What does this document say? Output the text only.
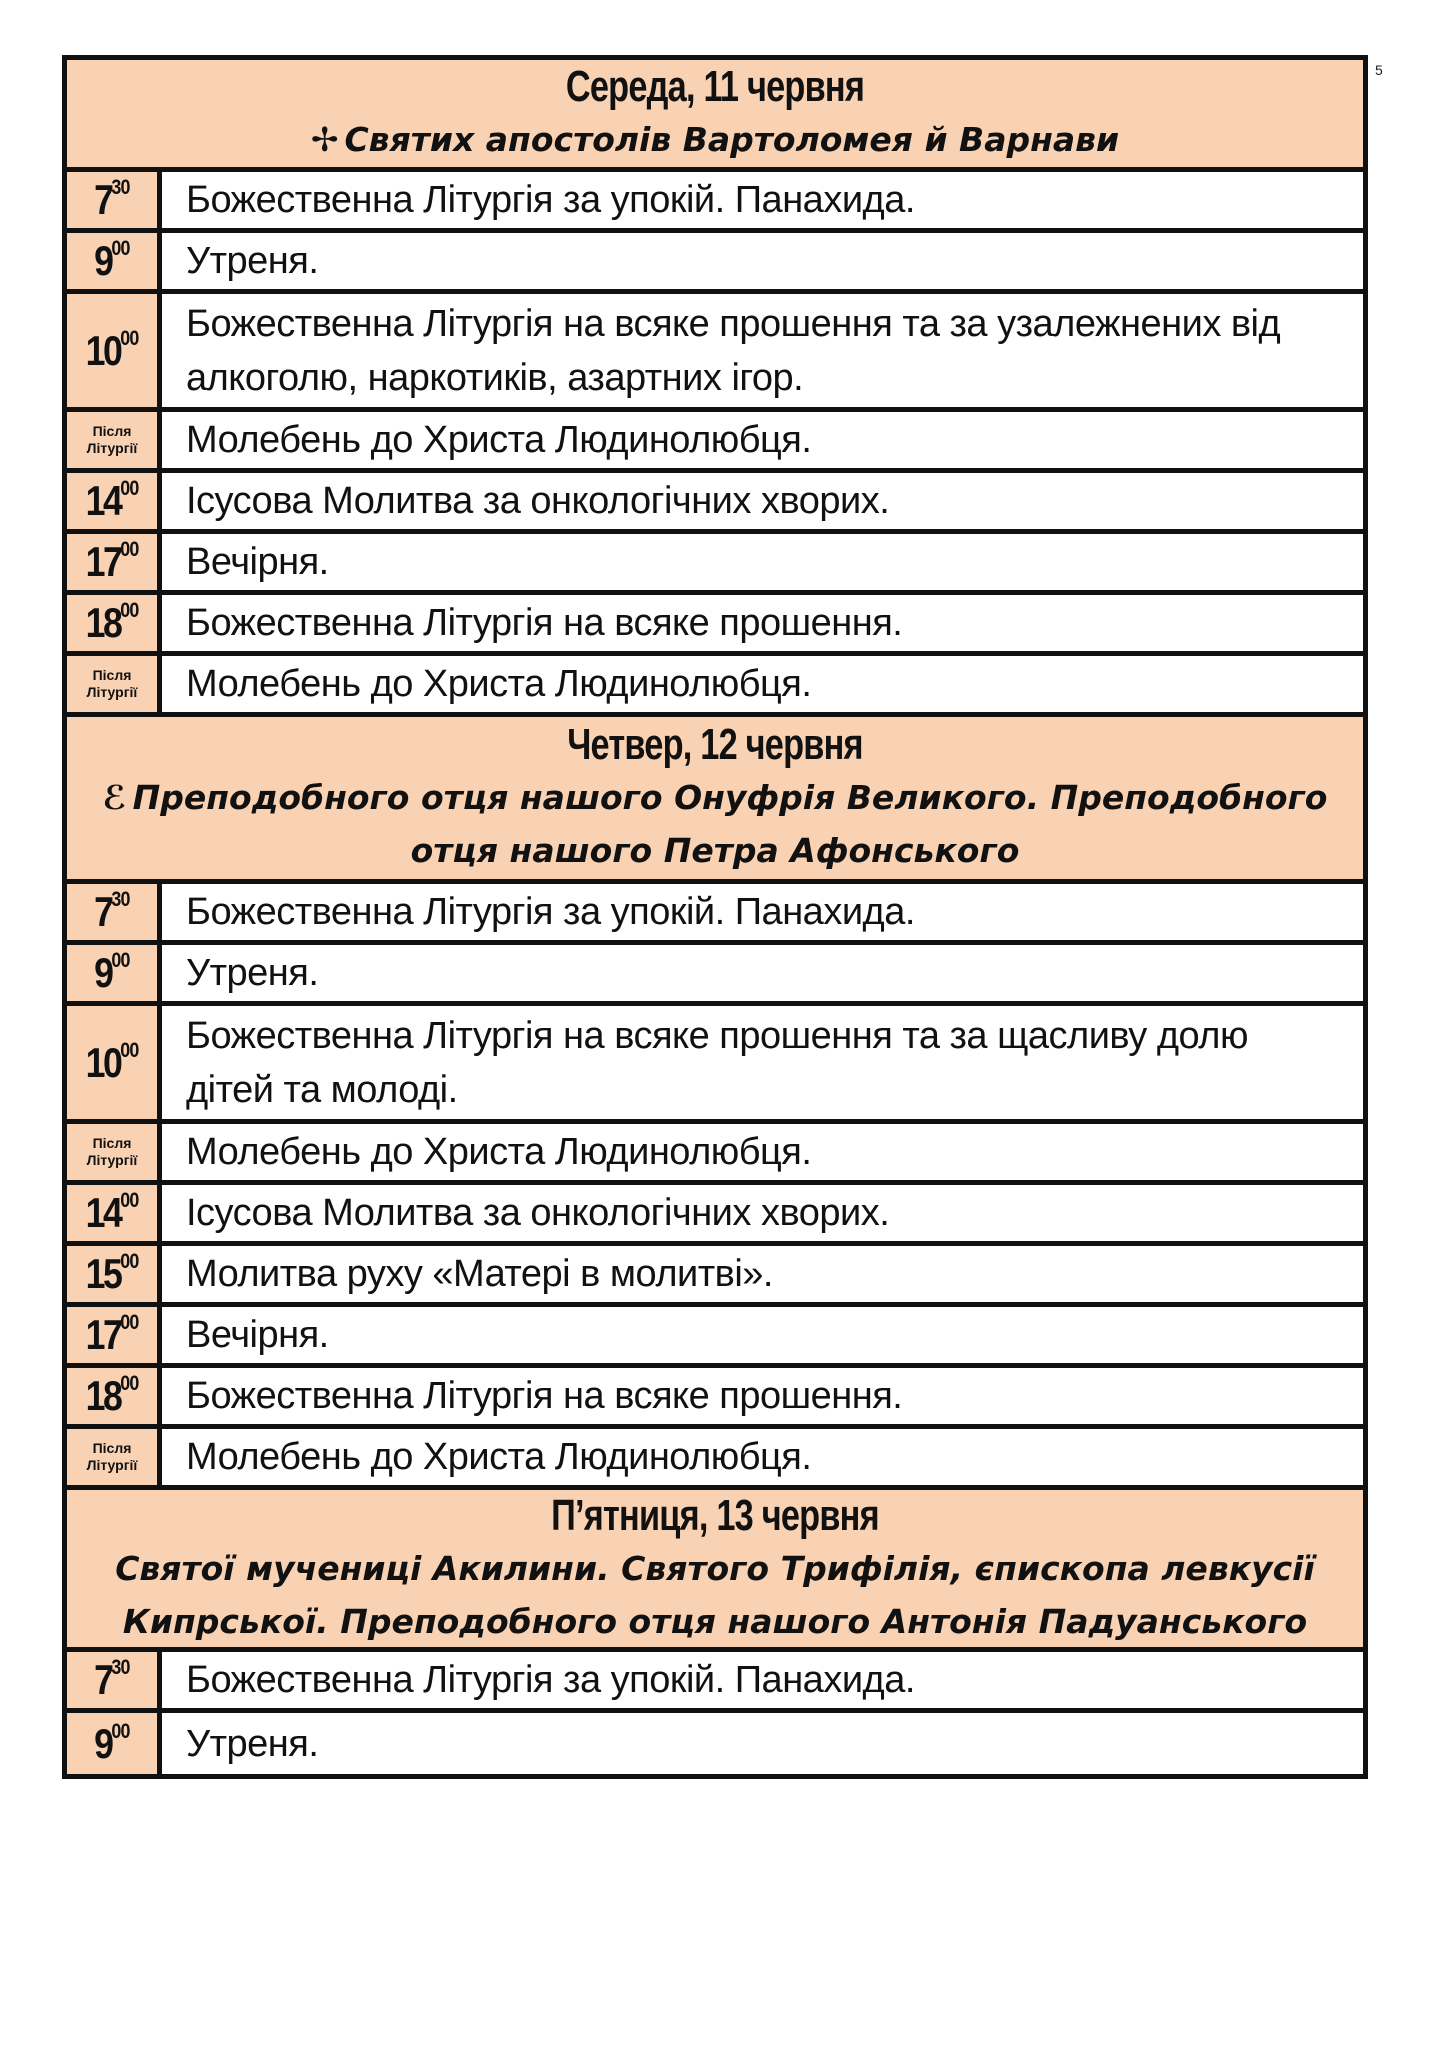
5
Середа, 11 червня
✢ Святих апостолів Вартоломея й Варнави
$7^{30}$ Божественна Літургія за упокій. Панахида.
$9^{00}$ Утреня.
$10^{00}$ Божественна Літургія на всяке прошення та за узалежнених від алкоголю, наркотиків, азартних ігор.
Після
Літургії Молебень до Христа Людинолюбця.
$14^{00}$ Ісусова Молитва за онкологічних хворих.
$17^{00}$ Вечірня.
$18^{00}$ Божественна Літургія на всяке прошення.
Після
Літургії Молебень до Христа Людинолюбця.
Четвер, 12 червня
ℰ Преподобного отця нашого Онуфрія Великого. Преподобного отця нашого Петра Афонського
$7^{30}$ Божественна Літургія за упокій. Панахида.
$9^{00}$ Утреня.
$10^{00}$ Божественна Літургія на всяке прошення та за щасливу долю дітей та молоді.
Після
Літургії Молебень до Христа Людинолюбця.
$14^{00}$ Ісусова Молитва за онкологічних хворих.
$15^{00}$ Молитва руху «Матері в молитві».
$17^{00}$ Вечірня.
$18^{00}$ Божественна Літургія на всяке прошення.
Після
Літургії Молебень до Христа Людинолюбця.
П’ятниця, 13 червня
Святої мучениці Акилини. Святого Трифілія, єпископа левкусії Кипрської. Преподобного отця нашого Антонія Падуанського
$7^{30}$ Божественна Літургія за упокій. Панахида.
$9^{00}$ Утреня.
